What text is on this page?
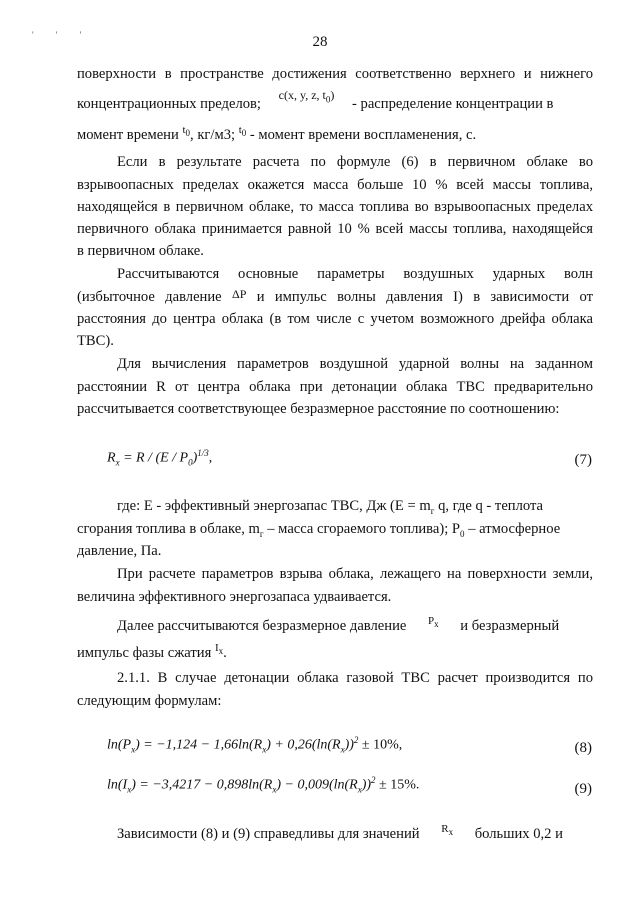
' ' '	28
поверхности в пространстве достижения соответственно верхнего и нижнего
концентрационных пределов; $^{c(x, y, z, t_0)}$ - распределение концентрации в
момент времени $^{t_0}$, кг/м3; $^{t_0}$ - момент времени воспламенения, с.
Если в результате расчета по формуле (6) в первичном облаке во
взрывоопасных пределах окажется масса больше 10 % всей массы топлива,
находящейся в первичном облаке, то масса топлива во взрывоопасных пределах
первичного облака принимается равной 10 % всей массы топлива, находящейся
в первичном облаке.
Рассчитываются основные параметры воздушных ударных волн
(избыточное давление $^{\Delta P}$ и импульс волны давления I) в зависимости от
расстояния до центра облака (в том числе с учетом возможного дрейфа облака
ТВС).
Для вычисления параметров воздушной ударной волны на заданном
расстоянии R от центра облака при детонации облака ТВС предварительно
рассчитывается соответствующее безразмерное расстояние по соотношению:
$R_x = R / (E / P_0)^{1/3}$,	(7)
где: E - эффективный энергозапас ТВС, Дж ($E = m_г$ q, где q - теплота
сгорания топлива в облаке, $m_г$ – масса сгораемого топлива); $P_0$ – атмосферное
давление, Па.
При расчете параметров взрыва облака, лежащего на поверхности земли,
величина эффективного энергозапаса удваивается.
Далее рассчитываются безразмерное давление $^{P_x}$ и безразмерный
импульс фазы сжатия $^{I_x}$.
2.1.1. В случае детонации облака газовой ТВС расчет производится по
следующим формулам:
$\ln(P_x) = -1,124 - 1,66\ln(R_x) + 0,26(\ln(R_x))^2 \pm 10\%$,	(8)
$\ln(I_x) = -3,4217 - 0,898\ln(R_x) - 0,009(\ln(R_x))^2 \pm 15\%$.	(9)
Зависимости (8) и (9) справедливы для значений $^{R_x}$ больших 0,2 и
